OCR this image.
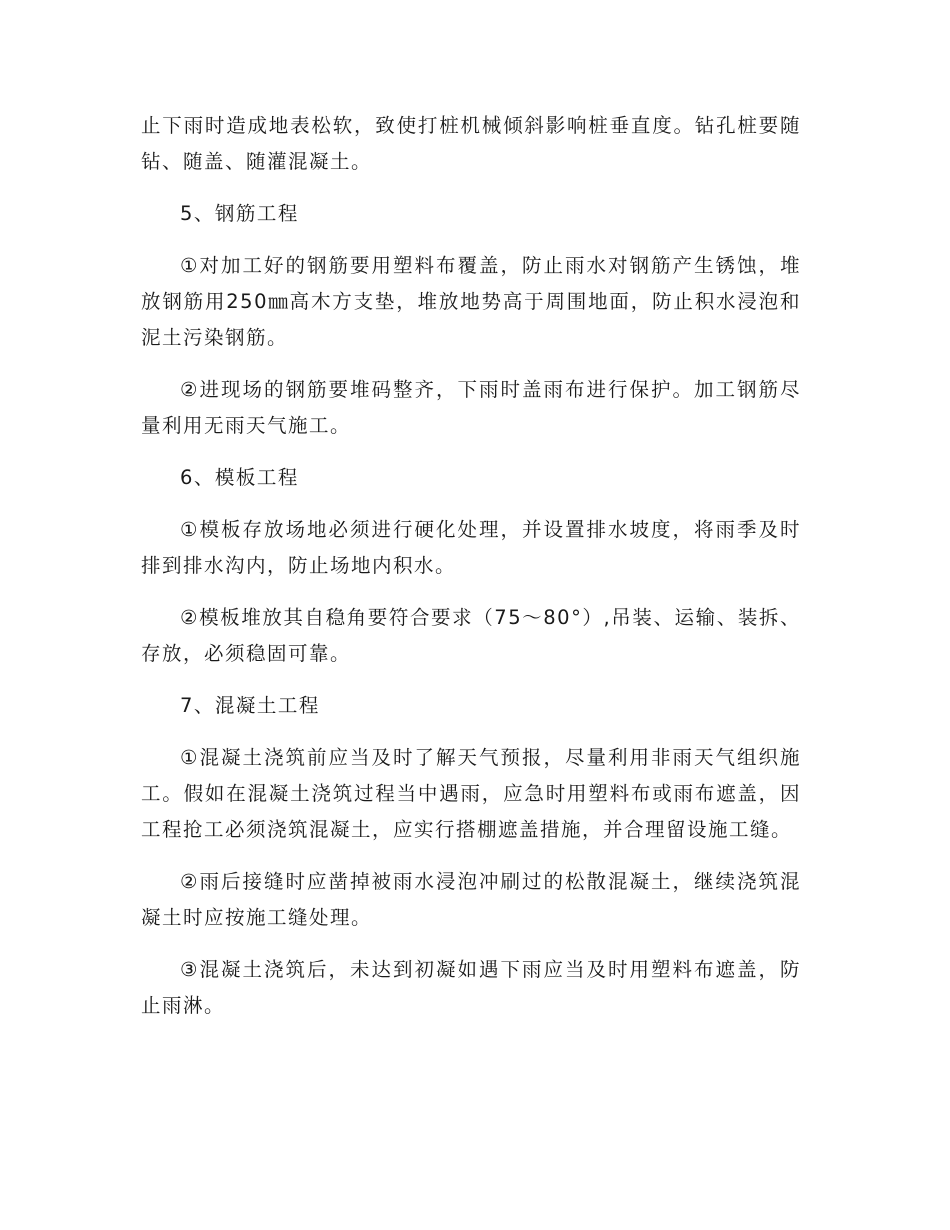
止下雨时造成地表松软，致使打桩机械倾斜影响桩垂直度。钻孔桩要随钻、随盖、随灌混凝土。

5、钢筋工程

①对加工好的钢筋要用塑料布覆盖，防止雨水对钢筋产生锈蚀，堆放钢筋用250㎜高木方支垫，堆放地势高于周围地面，防止积水浸泡和泥土污染钢筋。

②进现场的钢筋要堆码整齐，下雨时盖雨布进行保护。加工钢筋尽量利用无雨天气施工。

6、模板工程

①模板存放场地必须进行硬化处理，并设置排水坡度，将雨季及时排到排水沟内，防止场地内积水。

②模板堆放其自稳角要符合要求（75～80°）,吊装、运输、装拆、存放，必须稳固可靠。

7、混凝土工程

①混凝土浇筑前应当及时了解天气预报，尽量利用非雨天气组织施工。假如在混凝土浇筑过程当中遇雨，应急时用塑料布或雨布遮盖，因工程抢工必须浇筑混凝土，应实行搭棚遮盖措施，并合理留设施工缝。

②雨后接缝时应凿掉被雨水浸泡冲刷过的松散混凝土，继续浇筑混凝土时应按施工缝处理。

③混凝土浇筑后，未达到初凝如遇下雨应当及时用塑料布遮盖，防止雨淋。
